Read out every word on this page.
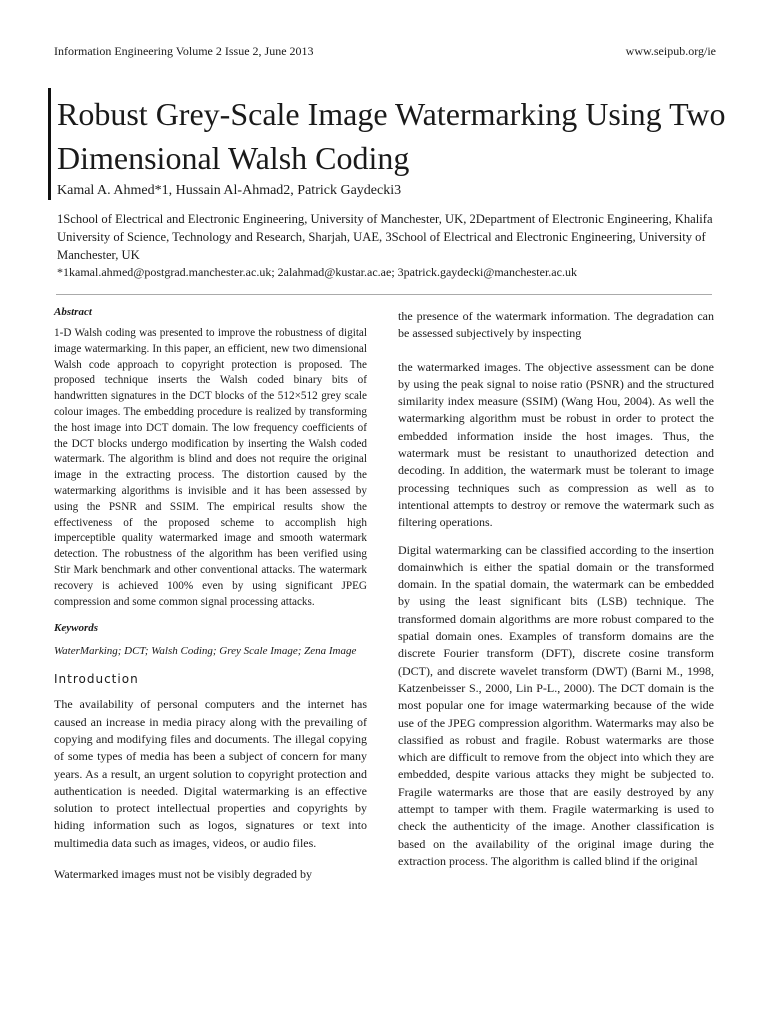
Information Engineering Volume 2 Issue 2, June 2013	www.seipub.org/ie
Robust Grey-Scale Image Watermarking Using Two Dimensional Walsh Coding
Kamal A. Ahmed*1, Hussain Al-Ahmad2, Patrick Gaydecki3
1School of Electrical and Electronic Engineering, University of Manchester, UK, 2Department of Electronic Engineering, Khalifa University of Science, Technology and Research, Sharjah, UAE, 3School of Electrical and Electronic Engineering, University of Manchester, UK
*1kamal.ahmed@postgrad.manchester.ac.uk; 2alahmad@kustar.ac.ae; 3patrick.gaydecki@manchester.ac.uk

Abstract

1-D Walsh coding was presented to improve the robustness of digital image watermarking. In this paper, an efficient, new two dimensional Walsh code approach to copyright protection is proposed. The proposed technique inserts the Walsh coded binary bits of handwritten signatures in the DCT blocks of the 512×512 grey scale colour images. The embedding procedure is realized by transforming the host image into DCT domain. The low frequency coefficients of the DCT blocks undergo modification by inserting the Walsh coded watermark. The algorithm is blind and does not require the original image in the extracting process. The distortion caused by the watermarking algorithms is invisible and it has been assessed by using the PSNR and SSIM. The empirical results show the effectiveness of the proposed scheme to accomplish high imperceptible quality watermarked image and smooth watermark detection. The robustness of the algorithm has been verified using Stir Mark benchmark and other conventional attacks. The watermark recovery is achieved 100% even by using significant JPEG compression and some common signal processing attacks.

Keywords

WaterMarking; DCT; Walsh Coding; Grey Scale Image; Zena Image

Introduction

The availability of personal computers and the internet has caused an increase in media piracy along with the prevailing of copying and modifying files and documents. The illegal copying of some types of media has been a subject of concern for many years. As a result, an urgent solution to copyright protection and authentication is needed. Digital watermarking is an effective solution to protect intellectual properties and copyrights by hiding information such as logos, signatures or text into multimedia data such as images, videos, or audio files.

Watermarked images must not be visibly degraded by

the presence of the watermark information. The degradation can be assessed subjectively by inspecting

the watermarked images. The objective assessment can be done by using the peak signal to noise ratio (PSNR) and the structured similarity index measure (SSIM) (Wang Hou, 2004). As well the watermarking algorithm must be robust in order to protect the embedded information inside the host images. Thus, the watermark must be resistant to unauthorized detection and decoding. In addition, the watermark must be tolerant to image processing techniques such as compression as well as to intentional attempts to destroy or remove the watermark such as filtering operations.

Digital watermarking can be classified according to the insertion domainwhich is either the spatial domain or the transformed domain. In the spatial domain, the watermark can be embedded by using the least significant bits (LSB) technique. The transformed domain algorithms are more robust compared to the spatial domain ones. Examples of transform domains are the discrete Fourier transform (DFT), discrete cosine transform (DCT), and discrete wavelet transform (DWT) (Barni M., 1998, Katzenbeisser S., 2000, Lin P-L., 2000). The DCT domain is the most popular one for image watermarking because of the wide use of the JPEG compression algorithm. Watermarks may also be classified as robust and fragile. Robust watermarks are those which are difficult to remove from the object into which they are embedded, despite various attacks they might be subjected to. Fragile watermarks are those that are easily destroyed by any attempt to tamper with them. Fragile watermarking is used to check the authenticity of the image. Another classification is based on the availability of the original image during the extraction process. The algorithm is called blind if the original
